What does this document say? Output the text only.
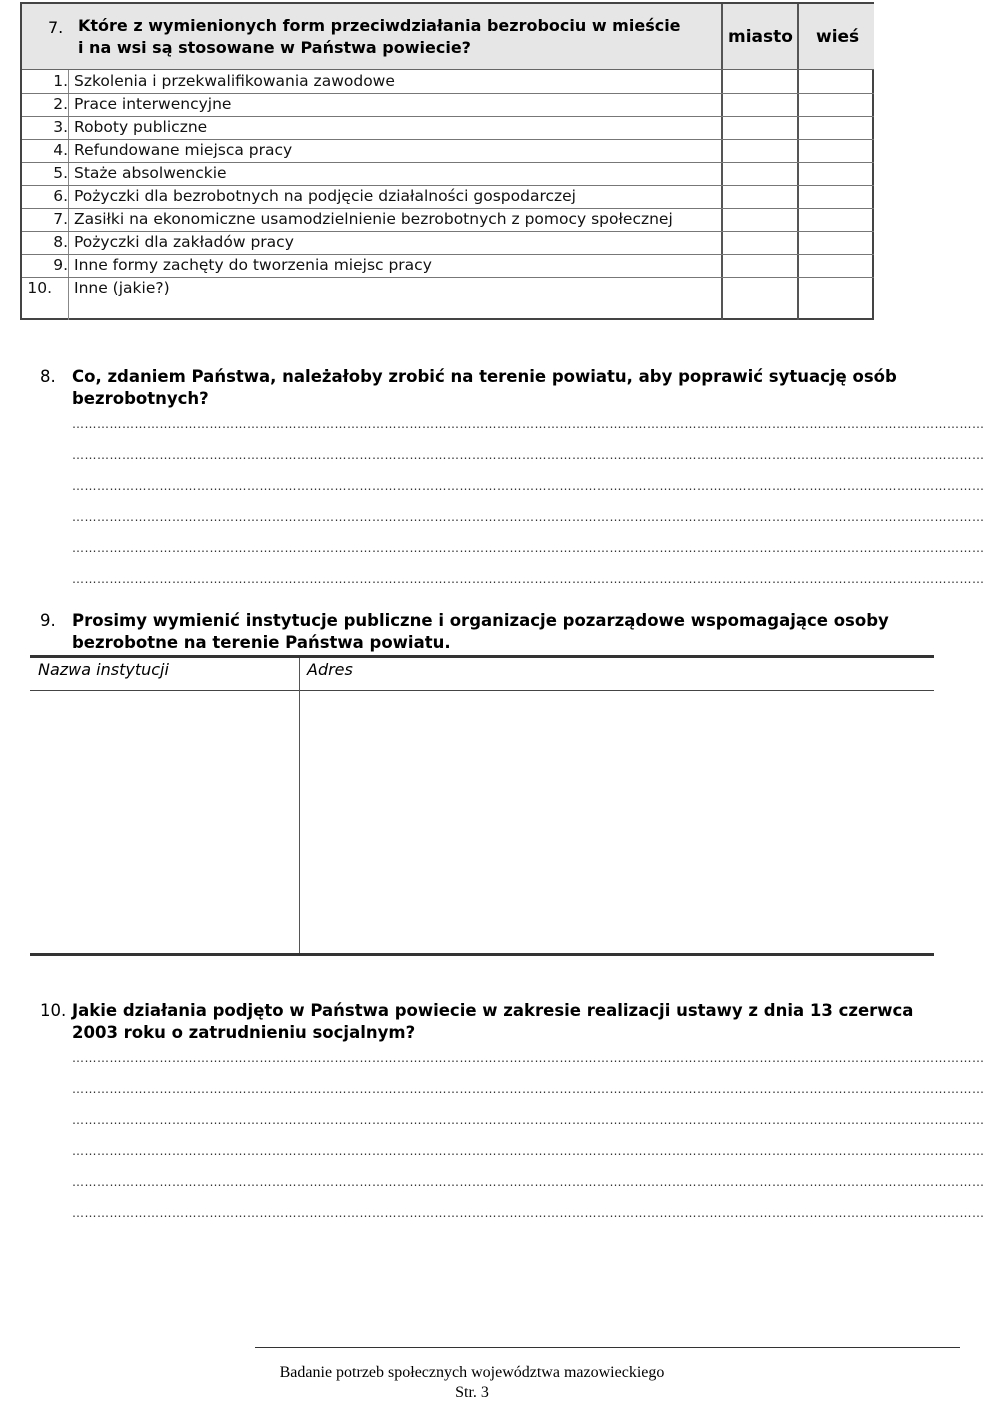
7. Które z wymienionych form przeciwdziałania bezrobociu w mieście
i na wsi są stosowane w Państwa powiecie?
miasto wieś
1. Szkolenia i przekwalifikowania zawodowe
2. Prace interwencyjne
3. Roboty publiczne
4. Refundowane miejsca pracy
5. Staże absolwenckie
6. Pożyczki dla bezrobotnych na podjęcie działalności gospodarczej
7. Zasiłki na ekonomiczne usamodzielnienie bezrobotnych z pomocy społecznej
8. Pożyczki dla zakładów pracy
9. Inne formy zachęty do tworzenia miejsc pracy
10. Inne (jakie?)
8. Co, zdaniem Państwa, należałoby zrobić na terenie powiatu, aby poprawić sytuację osób
bezrobotnych?
…………………………………………………………………………………………………………………………………………………………………………………………………
…………………………………………………………………………………………………………………………………………………………………………………………………
…………………………………………………………………………………………………………………………………………………………………………………………………
…………………………………………………………………………………………………………………………………………………………………………………………………
…………………………………………………………………………………………………………………………………………………………………………………………………
…………………………………………………………………………………………………………………………………………………………………………………………………
9. Prosimy wymienić instytucje publiczne i organizacje pozarządowe wspomagające osoby
bezrobotne na terenie Państwa powiatu.
Nazwa instytucji	Adres
10. Jakie działania podjęto w Państwa powiecie w zakresie realizacji ustawy z dnia 13 czerwca
2003 roku o zatrudnieniu socjalnym?
…………………………………………………………………………………………………………………………………………………………………………………………………
…………………………………………………………………………………………………………………………………………………………………………………………………
…………………………………………………………………………………………………………………………………………………………………………………………………
…………………………………………………………………………………………………………………………………………………………………………………………………
…………………………………………………………………………………………………………………………………………………………………………………………………
…………………………………………………………………………………………………………………………………………………………………………………………………
Badanie potrzeb społecznych województwa mazowieckiego
Str. 3
